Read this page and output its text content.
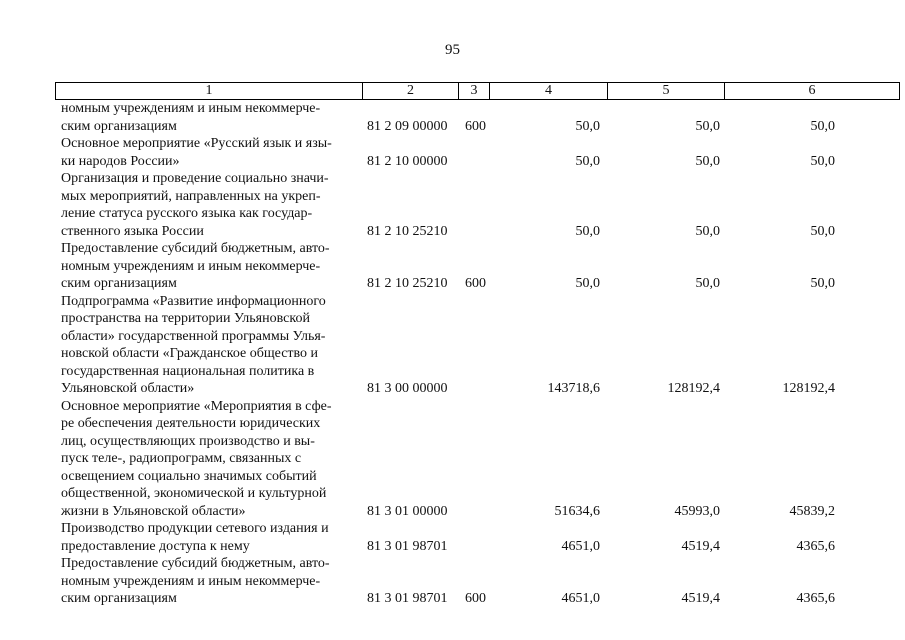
95
1	2	3	4	5	6
номным учреждениям и иным некоммерче-
ским организациям	81 2 09 00000 600	50,0	50,0	50,0
Основное мероприятие «Русский язык и язы-
ки народов России»	81 2 10 00000	50,0	50,0	50,0
Организация и проведение социально значи-
мых мероприятий, направленных на укреп-
ление статуса русского языка как государ-
ственного языка России	81 2 10 25210	50,0	50,0	50,0
Предоставление субсидий бюджетным, авто-
номным учреждениям и иным некоммерче-
ским организациям	81 2 10 25210 600	50,0	50,0	50,0
Подпрограмма «Развитие информационного
пространства на территории Ульяновской
области» государственной программы Улья-
новской области «Гражданское общество и
государственная национальная политика в
Ульяновской области»	81 3 00 00000	143718,6	128192,4	128192,4
Основное мероприятие «Мероприятия в сфе-
ре обеспечения деятельности юридических
лиц, осуществляющих производство и вы-
пуск теле-, радиопрограмм, связанных с
освещением социально значимых событий
общественной, экономической и культурной
жизни в Ульяновской области»	81 3 01 00000	51634,6	45993,0	45839,2
Производство продукции сетевого издания и
предоставление доступа к нему	81 3 01 98701	4651,0	4519,4	4365,6
Предоставление субсидий бюджетным, авто-
номным учреждениям и иным некоммерче-
ским организациям	81 3 01 98701 600	4651,0	4519,4	4365,6
